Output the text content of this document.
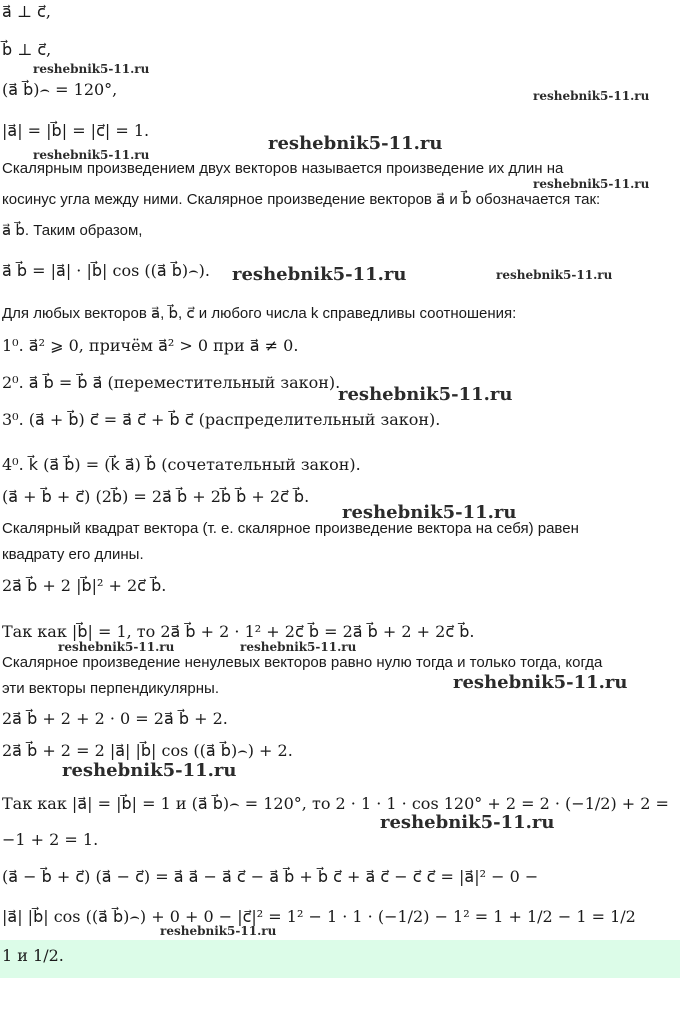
a⃗ ⊥ c⃗,
b⃗ ⊥ c⃗,
(a⃗ b⃗)⌢ = 120°,
|a⃗| = |b⃗| = |c⃗| = 1.
Скалярным произведением двух векторов называется произведение их длин на
косинус угла между ними. Скалярное произведение векторов a⃗ и b⃗ обозначается так:
a⃗ b⃗. Таким образом,
a⃗ b⃗ = |a⃗| · |b⃗| cos ((a⃗ b⃗)⌢).
Для любых векторов a⃗, b⃗, c⃗ и любого числа k справедливы соотношения:
1⁰. a⃗² ⩾ 0, причём a⃗² > 0 при a⃗ ≠ 0.
2⁰. a⃗ b⃗ = b⃗ a⃗ (переместительный закон).
3⁰. (a⃗ + b⃗) c⃗ = a⃗ c⃗ + b⃗ c⃗ (распределительный закон).
4⁰. k⃗ (a⃗ b⃗) = (k⃗ a⃗) b⃗ (сочетательный закон).
(a⃗ + b⃗ + c⃗) (2b⃗) = 2a⃗ b⃗ + 2b⃗ b⃗ + 2c⃗ b⃗.
Скалярный квадрат вектора (т. е. скалярное произведение вектора на себя) равен
квадрату его длины.
2a⃗ b⃗ + 2 |b⃗|² + 2c⃗ b⃗.
Так как |b⃗| = 1, то 2a⃗ b⃗ + 2 · 1² + 2c⃗ b⃗ = 2a⃗ b⃗ + 2 + 2c⃗ b⃗.
Скалярное произведение ненулевых векторов равно нулю тогда и только тогда, когда
эти векторы перпендикулярны.
2a⃗ b⃗ + 2 + 2 · 0 = 2a⃗ b⃗ + 2.
2a⃗ b⃗ + 2 = 2 |a⃗| |b⃗| cos ((a⃗ b⃗)⌢) + 2.
Так как |a⃗| = |b⃗| = 1 и (a⃗ b⃗)⌢ = 120°, то 2 · 1 · 1 · cos 120° + 2 = 2 · (−1/2) + 2 =
−1 + 2 = 1.
(a⃗ − b⃗ + c⃗) (a⃗ − c⃗) = a⃗ a⃗ − a⃗ c⃗ − a⃗ b⃗ + b⃗ c⃗ + a⃗ c⃗ − c⃗ c⃗ = |a⃗|² − 0 −
|a⃗| |b⃗| cos ((a⃗ b⃗)⌢) + 0 + 0 − |c⃗|² = 1² − 1 · 1 · (−1/2) − 1² = 1 + 1/2 − 1 = 1/2
1 и 1/2.
reshebnik5-11.ru
reshebnik5-11.ru
reshebnik5-11.ru
reshebnik5-11.ru
reshebnik5-11.ru
reshebnik5-11.ru	reshebnik5-11.ru
reshebnik5-11.ru
reshebnik5-11.ru
reshebnik5-11.ru	reshebnik5-11.ru
reshebnik5-11.ru
reshebnik5-11.ru
reshebnik5-11.ru
reshebnik5-11.ru
